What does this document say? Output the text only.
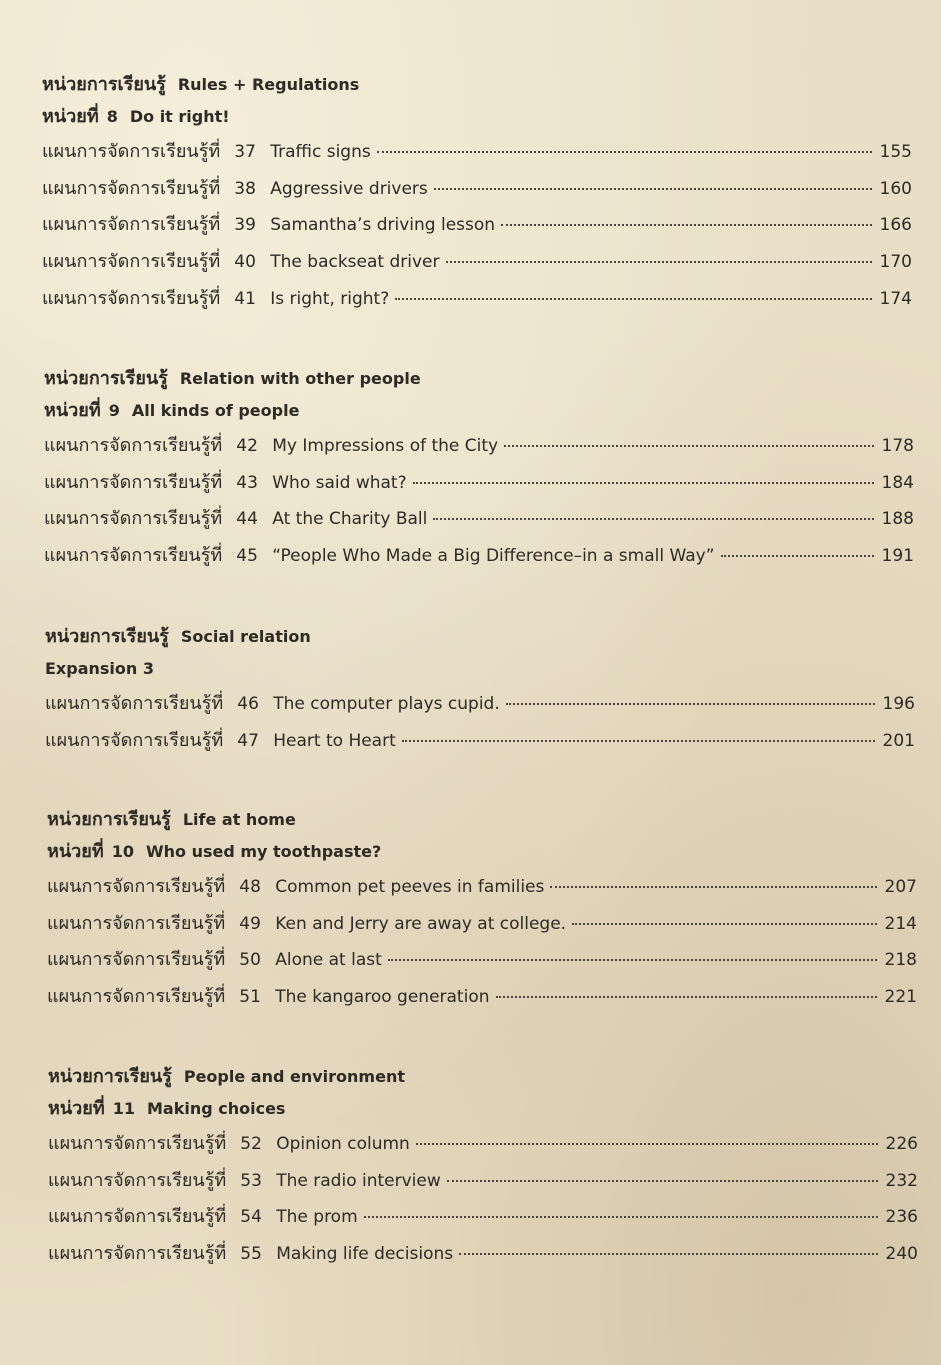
หน่วยการเรียนรู้ Rules + Regulations
หน่วยที่ 8 Do it right!
แผนการจัดการเรียนรู้ที่ 37 Traffic signs	155
แผนการจัดการเรียนรู้ที่ 38 Aggressive drivers	160
แผนการจัดการเรียนรู้ที่ 39 Samantha’s driving lesson	166
แผนการจัดการเรียนรู้ที่ 40 The backseat driver	170
แผนการจัดการเรียนรู้ที่ 41 Is right, right?	174
หน่วยการเรียนรู้ Relation with other people
หน่วยที่ 9 All kinds of people
แผนการจัดการเรียนรู้ที่ 42 My Impressions of the City	178
แผนการจัดการเรียนรู้ที่ 43 Who said what?	184
แผนการจัดการเรียนรู้ที่ 44 At the Charity Ball	188
แผนการจัดการเรียนรู้ที่ 45 “People Who Made a Big Difference–in a small Way”	191
หน่วยการเรียนรู้ Social relation
Expansion 3
แผนการจัดการเรียนรู้ที่ 46 The computer plays cupid.	196
แผนการจัดการเรียนรู้ที่ 47 Heart to Heart	201
หน่วยการเรียนรู้ Life at home
หน่วยที่ 10 Who used my toothpaste?
แผนการจัดการเรียนรู้ที่ 48 Common pet peeves in families	207
แผนการจัดการเรียนรู้ที่ 49 Ken and Jerry are away at college.	214
แผนการจัดการเรียนรู้ที่ 50 Alone at last	218
แผนการจัดการเรียนรู้ที่ 51 The kangaroo generation	221
หน่วยการเรียนรู้ People and environment
หน่วยที่ 11 Making choices
แผนการจัดการเรียนรู้ที่ 52 Opinion column	226
แผนการจัดการเรียนรู้ที่ 53 The radio interview	232
แผนการจัดการเรียนรู้ที่ 54 The prom	236
แผนการจัดการเรียนรู้ที่ 55 Making life decisions	240
